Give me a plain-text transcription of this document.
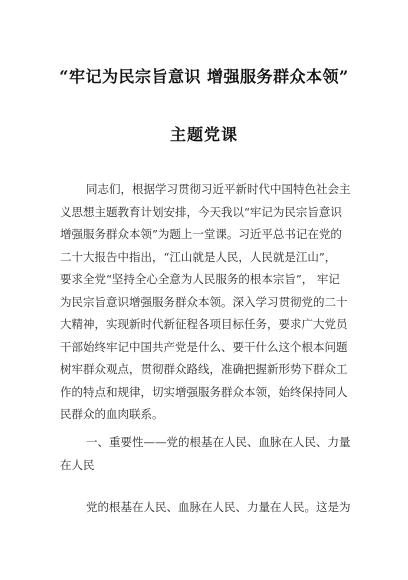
“牢记为民宗旨意识 增强服务群众本领”
主题党课
同志们，根据学习贯彻习近平新时代中国特色社会主
义思想主题教育计划安排，今天我以“牢记为民宗旨意识
增强服务群众本领”为题上一堂课。习近平总书记在党的
二十大报告中指出，“江山就是人民，人民就是江山”，
要求全党“坚持全心全意为人民服务的根本宗旨”， 牢记
为民宗旨意识增强服务群众本领。深入学习贯彻党的二十
大精神，实现新时代新征程各项目标任务，要求广大党员
干部始终牢记中国共产党是什么、要干什么这个根本问题
树牢群众观点，贯彻群众路线，准确把握新形势下群众工
作的特点和规律，切实增强服务群众本领，始终保持同人
民群众的血肉联系。
一、重要性——党的根基在人民、血脉在人民、力量
在人民
党的根基在人民、血脉在人民、力量在人民。这是为
